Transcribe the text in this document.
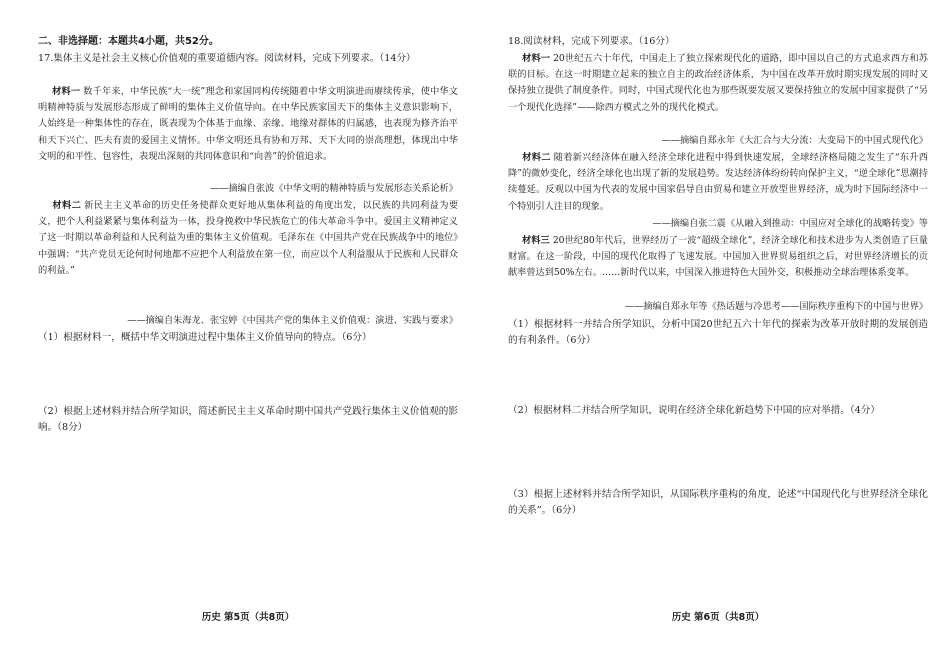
二、非选择题：本题共4小题，共52分。

17.集体主义是社会主义核心价值观的重要道德内容。阅读材料，完成下列要求。（14分）

材料一 数千年来，中华民族“大一统”理念和家国同构传统随着中华文明演进而赓续传承，使中华文明精神特质与发展形态形成了鲜明的集体主义价值导向。在中华民族家国天下的集体主义意识影响下，人始终是一种集体性的存在，既表现为个体基于血缘、亲缘、地缘对群体的归属感，也表现为修齐治平和天下兴亡、匹夫有责的爱国主义情怀。中华文明还具有协和万邦、天下大同的崇高理想，体现出中华文明的和平性、包容性，表现出深刻的共同体意识和“向善”的价值追求。

——摘编自张波《中华文明的精神特质与发展形态关系论析》

材料二 新民主主义革命的历史任务使群众更好地从集体利益的角度出发，以民族的共同利益为要义，把个人利益紧紧与集体利益为一体，投身挽救中华民族危亡的伟大革命斗争中。爱国主义精神定义了这一时期以革命利益和人民利益为重的集体主义价值观。毛泽东在《中国共产党在民族战争中的地位》中强调：“共产党员无论何时何地都不应把个人利益放在第一位，而应以个人利益服从于民族和人民群众的利益。”

——摘编自朱海龙、张宝婷《中国共产党的集体主义价值观：演进、实践与要求》

（1）根据材料一，概括中华文明演进过程中集体主义价值导向的特点。（6分）

（2）根据上述材料并结合所学知识，简述新民主主义革命时期中国共产党践行集体主义价值观的影响。（8分）

历史 第5页（共8页）

18.阅读材料，完成下列要求。（16分）

材料一 20世纪五六十年代，中国走上了独立探索现代化的道路，即中国以自己的方式追求西方和苏联的目标。在这一时期建立起来的独立自主的政治经济体系，为中国在改革开放时期实现发展的同时又保持独立提供了制度条件。同时，中国式现代化也为那些既要发展又要保持独立的发展中国家提供了“另一个现代化选择”——除西方模式之外的现代化模式。

——摘编自郑永年《大汇合与大分流：大变局下的中国式现代化》

材料二 随着新兴经济体在融入经济全球化进程中得到快速发展，全球经济格局随之发生了“东升西降”的微妙变化，经济全球化也出现了新的发展趋势。发达经济体纷纷转向保护主义，“逆全球化”思潮持续蔓延。反观以中国为代表的发展中国家倡导自由贸易和建立开放型世界经济，成为时下国际经济中一个特别引人注目的现象。

——摘编自张二震《从融入到推动：中国应对全球化的战略转变》等

材料三 20世纪80年代后，世界经历了一波“超级全球化”，经济全球化和技术进步为人类创造了巨量财富。在这一阶段，中国的现代化取得了飞速发展。中国加入世界贸易组织之后，对世界经济增长的贡献率曾达到50%左右。……新时代以来，中国深入推进特色大国外交，积极推动全球治理体系变革。

——摘编自郑永年等《热话题与冷思考——国际秩序重构下的中国与世界》

（1）根据材料一并结合所学知识，分析中国20世纪五六十年代的探索为改革开放时期的发展创造的有利条件。（6分）

（2）根据材料二并结合所学知识，说明在经济全球化新趋势下中国的应对举措。（4分）

（3）根据上述材料并结合所学知识，从国际秩序重构的角度，论述“中国现代化与世界经济全球化的关系”。（6分）

历史 第6页（共8页）
